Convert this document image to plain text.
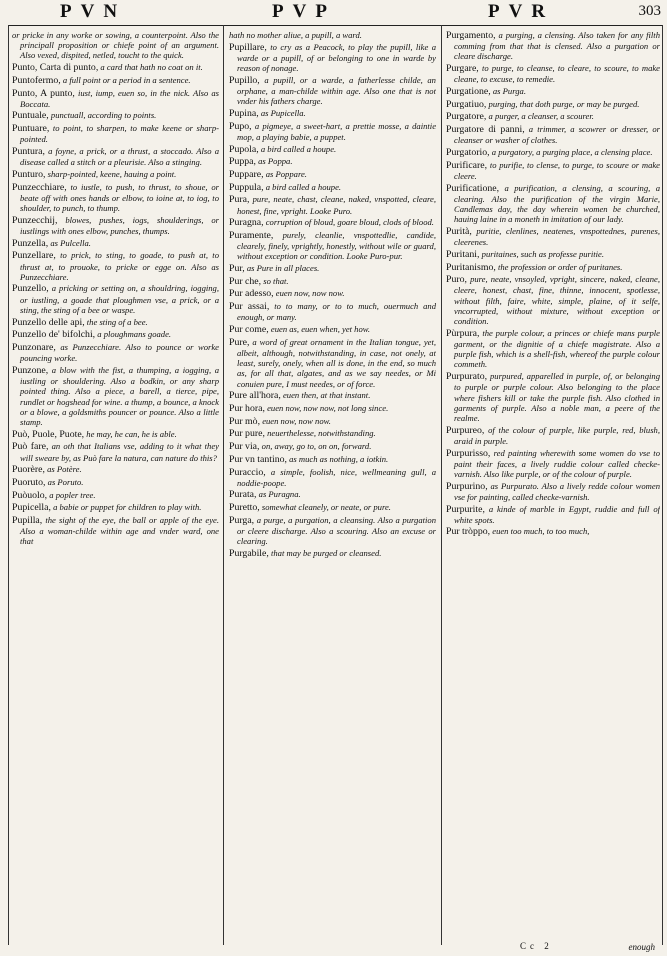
PVN	PVP	PVR	303
or pricke in any worke or sowing, a counterpoint. Also the principall proposition or chiefe point of an argument. Also vexed, dispited, netled, toucht to the quick.
Punto, Carta di punto, a card that hath no coat on it.
Puntofermo, a full point or a period in a sentence.
Punto, A punto, iust, iump, euen so, in the nick. Also as Boccata.
Puntuale, punctuall, according to points.
Puntuare, to point, to sharpen, to make keene or sharp-pointed.
Puntura, a foyne, a prick, or a thrust, a stoccado. Also a disease called a stitch or a pleurisie. Also a stinging.
Punturo, sharp-pointed, keene, hauing a point.
Punzecchiare, to iustle, to push, to thrust, to shoue, or beate off with ones hands or elbow, to ioine at, to iog, to shoulder, to punch, to thump.
Punzecchij, blowes, pushes, iogs, shoulderings, or iustlings with ones elbow, punches, thumps.
Punzella, as Pulcella.
Punzellare, to prick, to sting, to goade, to push at, to thrust at, to prouoke, to pricke or egge on. Also as Punzecchiare.
Punzello, a pricking or setting on, a shouldring, iogging, or iustling, a goade that ploughmen vse, a prick, or a sting, the sting of a bee or waspe.
Punzello delle api, the sting of a bee.
Punzello de' bifolchi, a ploughmans goade.
Punzonare, as Punzecchiare. Also to pounce or worke pouncing worke.
Punzone, a blow with the fist, a thumping, a iogging, a iustling or shouldering. Also a bodkin, or any sharp pointed thing. Also a piece, a barell, a tierce, pipe, rundlet or hogshead for wine. a thump, a bounce, a knock or a blowe, a goldsmiths pouncer or pounce. Also a little stamp.
Può, Puole, Puote, he may, he can, he is able.
Può fare, an oth that Italians vse, adding to it what they will sweare by, as Può fare la natura, can nature do this?
Puorère, as Potère.
Puoruto, as Poruto.
Puòuolo, a popler tree.
Pupicella, a babie or puppet for children to play with.
Pupilla, the sight of the eye, the ball or apple of the eye. Also a woman-childe within age and vnder ward, one that
hath no mother aliue, a pupill, a ward.
Pupillare, to cry as a Peacock, to play the pupill, like a warde or a pupill, of or belonging to one in warde by reason of nonage.
Pupillo, a pupill, or a warde, a fatherlesse childe, an orphane, a man-childe within age. Also one that is not vnder his fathers charge.
Pupina, as Pupicella.
Pupo, a pigmeye, a sweet-hart, a prettie mosse, a daintie mop, a playing babie, a puppet.
Pupola, a bird called a houpe.
Puppa, as Poppa.
Puppare, as Poppare.
Puppula, a bird called a houpe.
Pura, pure, neate, chast, cleane, naked, vnspotted, cleare, honest, fine, vpright. Looke Puro.
Puragna, corruption of bloud, goare bloud, clods of blood.
Puramente, purely, cleanlie, vnspottedlie, candide, clearely, finely, vprightly, honestly, without wile or guard, without exception or condition. Looke Puro-pur.
Pur, as Pure in all places.
Pur che, so that.
Pur adesso, euen now, now now.
Pur assai, to to many, or to to much, ouermuch and enough, or many.
Pur come, euen as, euen when, yet how.
Pure, a word of great ornament in the Italian tongue, yet, albeit, although, notwithstanding, in case, not onely, at least, surely, onely, when all is done, in the end, so much as, for all that, algates, and as we say needes, or Mi conuien pure, I must needes, or of force.
Pure all'hora, euen then, at that instant.
Pur hora, euen now, now now, not long since.
Pur mò, euen now, now now.
Pur pure, neuerthelesse, notwithstanding.
Pur via, on, away, go to, on on, forward.
Pur vn tantino, as much as nothing, a iotkin.
Puraccio, a simple, foolish, nice, wellmeaning gull, a noddie-poope.
Purata, as Puragna.
Puretto, somewhat cleanely, or neate, or pure.
Purga, a purge, a purgation, a cleansing. Also a purgation or cleere discharge. Also a scouring. Also an excuse or clearing.
Purgabile, that may be purged or cleansed.
Purgamento, a purging, a clensing. Also taken for any filth comming from that that is clensed. Also a purgation or cleare discharge.
Purgare, to purge, to cleanse, to cleare, to scoure, to make cleane, to excuse, to remedie.
Purgatione, as Purga.
Purgatiuo, purging, that doth purge, or may be purged.
Purgatore, a purger, a cleanser, a scourer.
Purgatore di panni, a trimmer, a scowrer or dresser, or cleanser or washer of clothes.
Purgatorio, a purgatory, a purging place, a clensing place.
Purificare, to purifie, to clense, to purge, to scoure or make cleere.
Purificatione, a purification, a clensing, a scouring, a clearing. Also the purification of the virgin Marie, Candlemas day, the day wherein women be churched, hauing laine in a moneth in imitation of our lady.
Purità, puritie, clenlines, neatenes, vnspottednes, purenes, cleerenes.
Puritani, puritaines, such as professe puritie.
Puritanismo, the profession or order of puritanes.
Puro, pure, neate, vnsoyled, vpright, sincere, naked, cleane, cleere, honest, chast, fine, thinne, innocent, spotlesse, without filth, faire, white, simple, plaine, of it selfe, vncorrupted, without mixture, without exception or condition.
Pùrpura, the purple colour, a princes or chiefe mans purple garment, or the dignitie of a chiefe magistrate. Also a purple fish, which is a shell-fish, whereof the purple colour commeth.
Purpurato, purpured, apparelled in purple, of, or belonging to purple or purple colour. Also belonging to the place where fishers kill or take the purple fish. Also clothed in garments of purple. Also a noble man, a peere of the realme.
Purpureo, of the colour of purple, like purple, red, blush, araid in purple.
Purpurisso, red painting wherewith some women do vse to paint their faces, a lively ruddie colour called checke-varnish. Also like purple, or of the colour of purple.
Purpurino, as Purpurato. Also a lively redde colour women vse for painting, called checke-varnish.
Purpurite, a kinde of marble in Egypt, ruddie and full of white spots.
Pur tròppo, euen too much, to too much,
Cc 2	enough
